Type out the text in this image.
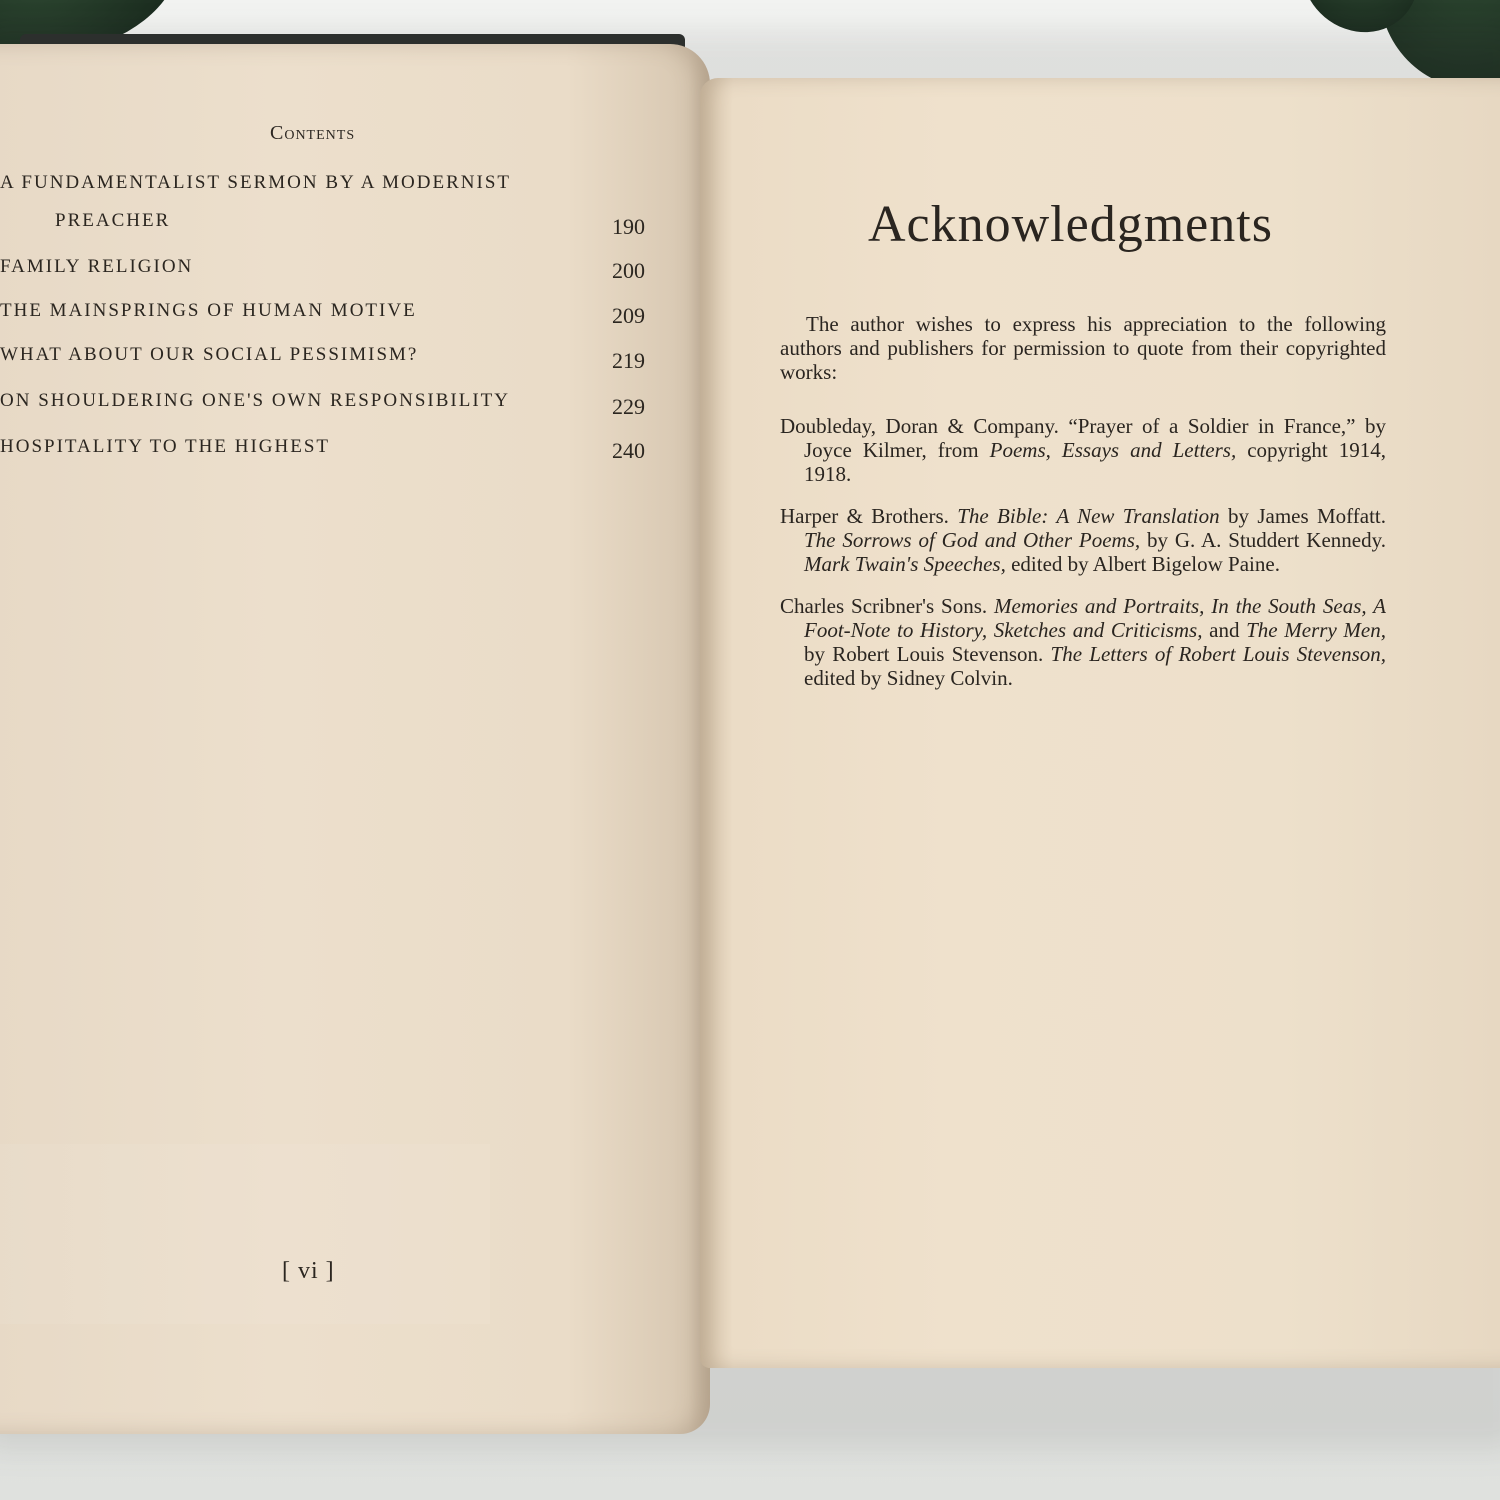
Contents
A FUNDAMENTALIST SERMON BY A MODERNIST
PREACHER	190
FAMILY RELIGION	200
THE MAINSPRINGS OF HUMAN MOTIVE	209
WHAT ABOUT OUR SOCIAL PESSIMISM?	219
ON SHOULDERING ONE'S OWN RESPONSIBILITY	229
HOSPITALITY TO THE HIGHEST	240
[ vi ]
Acknowledgments

The author wishes to express his appreciation to the following authors and publishers for permission to quote from their copyrighted works:

Doubleday, Doran & Company. “Prayer of a Soldier in France,” by Joyce Kilmer, from Poems, Essays and Letters, copyright 1914, 1918.

Harper & Brothers. The Bible: A New Translation by James Moffatt. The Sorrows of God and Other Poems, by G. A. Studdert Kennedy. Mark Twain's Speeches, edited by Albert Bigelow Paine.

Charles Scribner's Sons. Memories and Portraits, In the South Seas, A Foot-Note to History, Sketches and Criticisms, and The Merry Men, by Robert Louis Stevenson. The Letters of Robert Louis Stevenson, edited by Sidney Colvin.
